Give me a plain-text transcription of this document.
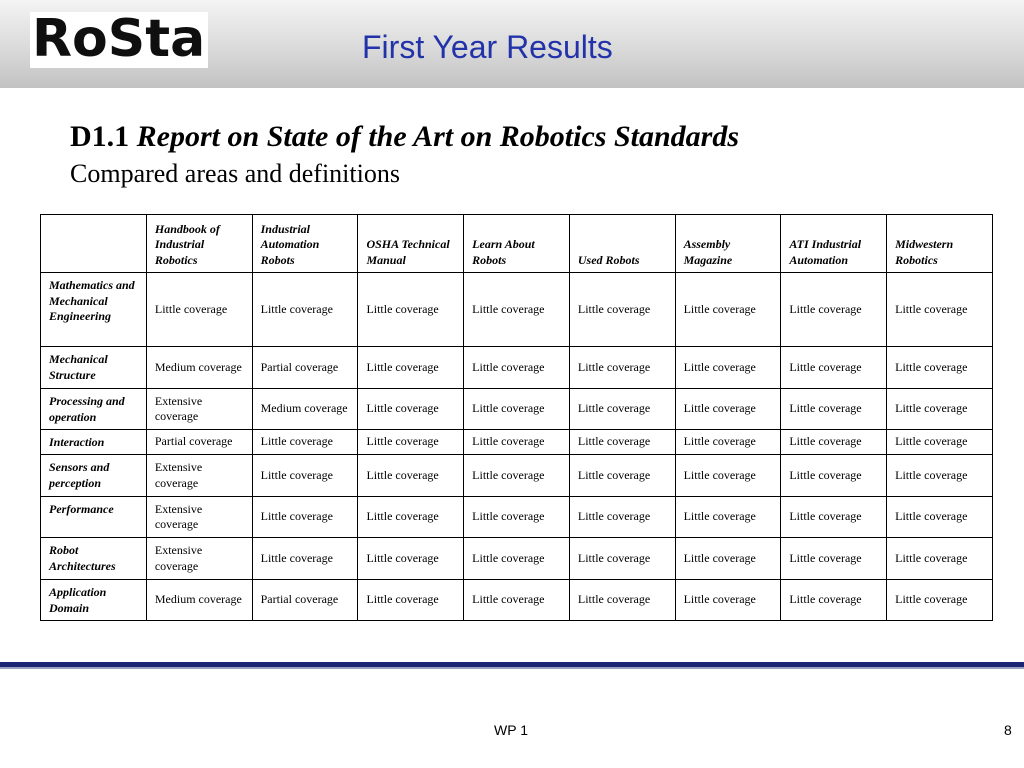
RoSta	First Year Results
D1.1 Report on State of the Art on Robotics Standards
Compared areas and definitions
	Handbook of Industrial Robotics	Industrial Automation Robots	OSHA Technical Manual	Learn About Robots	Used Robots	Assembly Magazine	ATI Industrial Automation	Midwestern Robotics
Mathematics and Mechanical Engineering	Little coverage	Little coverage	Little coverage	Little coverage	Little coverage	Little coverage	Little coverage	Little coverage
Mechanical Structure	Medium coverage	Partial coverage	Little coverage	Little coverage	Little coverage	Little coverage	Little coverage	Little coverage
Processing and operation	Extensive coverage	Medium coverage	Little coverage	Little coverage	Little coverage	Little coverage	Little coverage	Little coverage
Interaction	Partial coverage	Little coverage	Little coverage	Little coverage	Little coverage	Little coverage	Little coverage	Little coverage
Sensors and perception	Extensive coverage	Little coverage	Little coverage	Little coverage	Little coverage	Little coverage	Little coverage	Little coverage
Performance	Extensive coverage	Little coverage	Little coverage	Little coverage	Little coverage	Little coverage	Little coverage	Little coverage
Robot Architectures	Extensive coverage	Little coverage	Little coverage	Little coverage	Little coverage	Little coverage	Little coverage	Little coverage
Application Domain	Medium coverage	Partial coverage	Little coverage	Little coverage	Little coverage	Little coverage	Little coverage	Little coverage
WP 1	8
